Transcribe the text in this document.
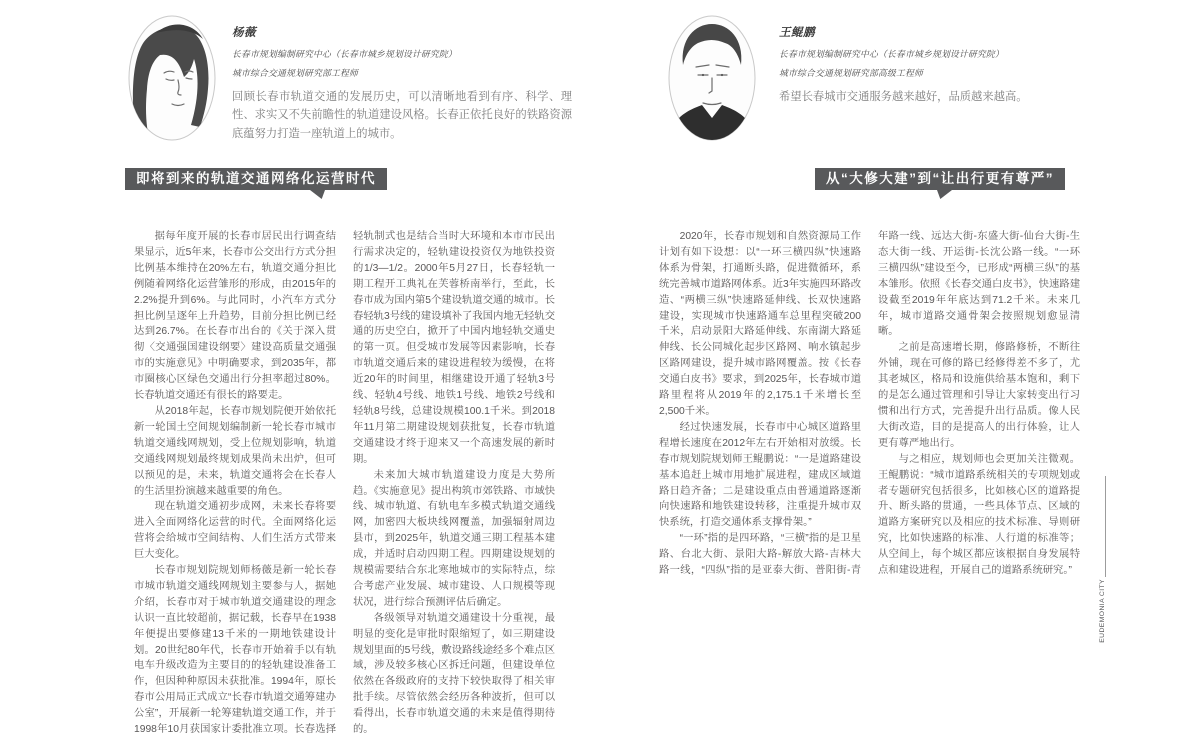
杨薇
长春市规划编制研究中心（长春市城乡规划设计研究院）
城市综合交通规划研究部工程师
回顾长春市轨道交通的发展历史，可以清晰地看到有序、科学、理性、求实又不失前瞻性的轨道建设风格。长春正依托良好的铁路资源底蕴努力打造一座轨道上的城市。
即将到来的轨道交通网络化运营时代

据每年度开展的长春市居民出行调查结果显示，近5年来，长春市公交出行方式分担比例基本维持在20%左右，轨道交通分担比例随着网络化运营雏形的形成，由2015年的2.2%提升到6%。与此同时，小汽车方式分担比例呈逐年上升趋势，目前分担比例已经达到26.7%。在长春市出台的《关于深入贯彻〈交通强国建设纲要〉建设高质量交通强市的实施意见》中明确要求，到2035年，都市圈核心区绿色交通出行分担率超过80%。长春轨道交通还有很长的路要走。

从2018年起，长春市规划院便开始依托新一轮国土空间规划编制新一轮长春市城市轨道交通线网规划，受上位规划影响，轨道交通线网规划最终规划成果尚未出炉，但可以预见的是，未来，轨道交通将会在长春人的生活里扮演越来越重要的角色。

现在轨道交通初步成网，未来长春将要进入全面网络化运营的时代。全面网络化运营将会给城市空间结构、人们生活方式带来巨大变化。

长春市规划院规划师杨薇是新一轮长春市城市轨道交通线网规划主要参与人，据她介绍，长春市对于城市轨道交通建设的理念认识一直比较超前，据记载，长春早在1938年便提出要修建13千米的一期地铁建设计划。20世纪80年代，长春市开始着手以有轨电车升级改造为主要目的的轻轨建设准备工作，但因种种原因未获批准。1994年，原长春市公用局正式成立“长春市轨道交通筹建办公室”，开展新一轮筹建轨道交通工作，并于1998年10月获国家计委批准立项。长春选择轻轨制式也是结合当时大环境和本市市民出行需求决定的，轻轨建设投资仅为地铁投资的1/3—1/2。2000年5月27日，长春轻轨一期工程开工典礼在芙蓉桥南举行，至此，长春市成为国内第5个建设轨道交通的城市。长春轻轨3号线的建设填补了我国内地无轻轨交通的历史空白，掀开了中国内地轻轨交通史的第一页。但受城市发展等因素影响，长春市轨道交通后来的建设进程较为缓慢，在将近20年的时间里，相继建设开通了轻轨3号线、轻轨4号线、地铁1号线、地铁2号线和轻轨8号线，总建设规模100.1千米。到2018年11月第二期建设规划获批复，长春市轨道交通建设才终于迎来又一个高速发展的新时期。

未来加大城市轨道建设力度是大势所趋。《实施意见》提出构筑市郊铁路、市域快线、城市轨道、有轨电车多模式轨道交通线网，加密四大板块线网覆盖，加强辐射周边县市，到2025年，轨道交通三期工程基本建成，并适时启动四期工程。四期建设规划的规模需要结合东北寒地城市的实际特点，综合考虑产业发展、城市建设、人口规模等现状况，进行综合预测评估后确定。

各级领导对轨道交通建设十分重视，最明显的变化是审批时限缩短了，如三期建设规划里面的5号线，敷设路线途经多个难点区域，涉及较多核心区拆迁问题，但建设单位依然在各级政府的支持下较快取得了相关审批手续。尽管依然会经历各种波折，但可以看得出，长春市轨道交通的未来是值得期待的。

王鲲鹏
长春市规划编制研究中心（长春市城乡规划设计研究院）
城市综合交通规划研究部高级工程师
希望长春城市交通服务越来越好，品质越来越高。
从“大修大建”到“让出行更有尊严”

2020年，长春市规划和自然资源局工作计划有如下设想：以“一环三横四纵”快速路体系为骨架，打通断头路，促进微循环，系统完善城市道路网体系。近3年实施四环路改造、“两横三纵”快速路延伸线、长双快速路建设，实现城市快速路通车总里程突破200千米，启动景阳大路延伸线、东南湖大路延伸线、长公同城化起步区路网、响水镇起步区路网建设，提升城市路网覆盖。按《长春交通白皮书》要求，到2025年，长春城市道路里程将从2019年的2,175.1千米增长至2,500千米。

经过快速发展，长春市中心城区道路里程增长速度在2012年左右开始相对放缓。长春市规划院规划师王鲲鹏说：“一是道路建设基本追赶上城市用地扩展进程，建成区域道路日趋齐备；二是建设重点由普通道路逐渐向快速路和地铁建设转移，注重提升城市双快系统，打造交通体系支撑骨架。”

“一环”指的是四环路，“三横”指的是卫星路、台北大街、景阳大路-解放大路-吉林大路一线，“四纵”指的是亚泰大街、普阳街-青年路一线、远达大街-东盛大街-仙台大街-生态大街一线、开运街-长沈公路一线。“一环三横四纵”建设至今，已形成“两横三纵”的基本雏形。依照《长春交通白皮书》，快速路建设截至2019年年底达到71.2千米。未来几年，城市道路交通骨架会按照规划愈显清晰。

之前是高速增长期，修路修桥，不断往外铺，现在可修的路已经修得差不多了，尤其老城区，格局和设施供给基本饱和，剩下的是怎么通过管理和引导让大家转变出行习惯和出行方式，完善提升出行品质。像人民大街改造，目的是提高人的出行体验，让人更有尊严地出行。

与之相应，规划师也会更加关注微观。王鲲鹏说：“城市道路系统相关的专项规划或者专题研究包括很多，比如核心区的道路提升、断头路的贯通，一些具体节点、区域的道路方案研究以及相应的技术标准、导则研究，比如快速路的标准、人行道的标准等；从空间上，每个城区都应该根据自身发展特点和建设进程，开展自己的道路系统研究。”

Practice
EUDEMONIA CITY
